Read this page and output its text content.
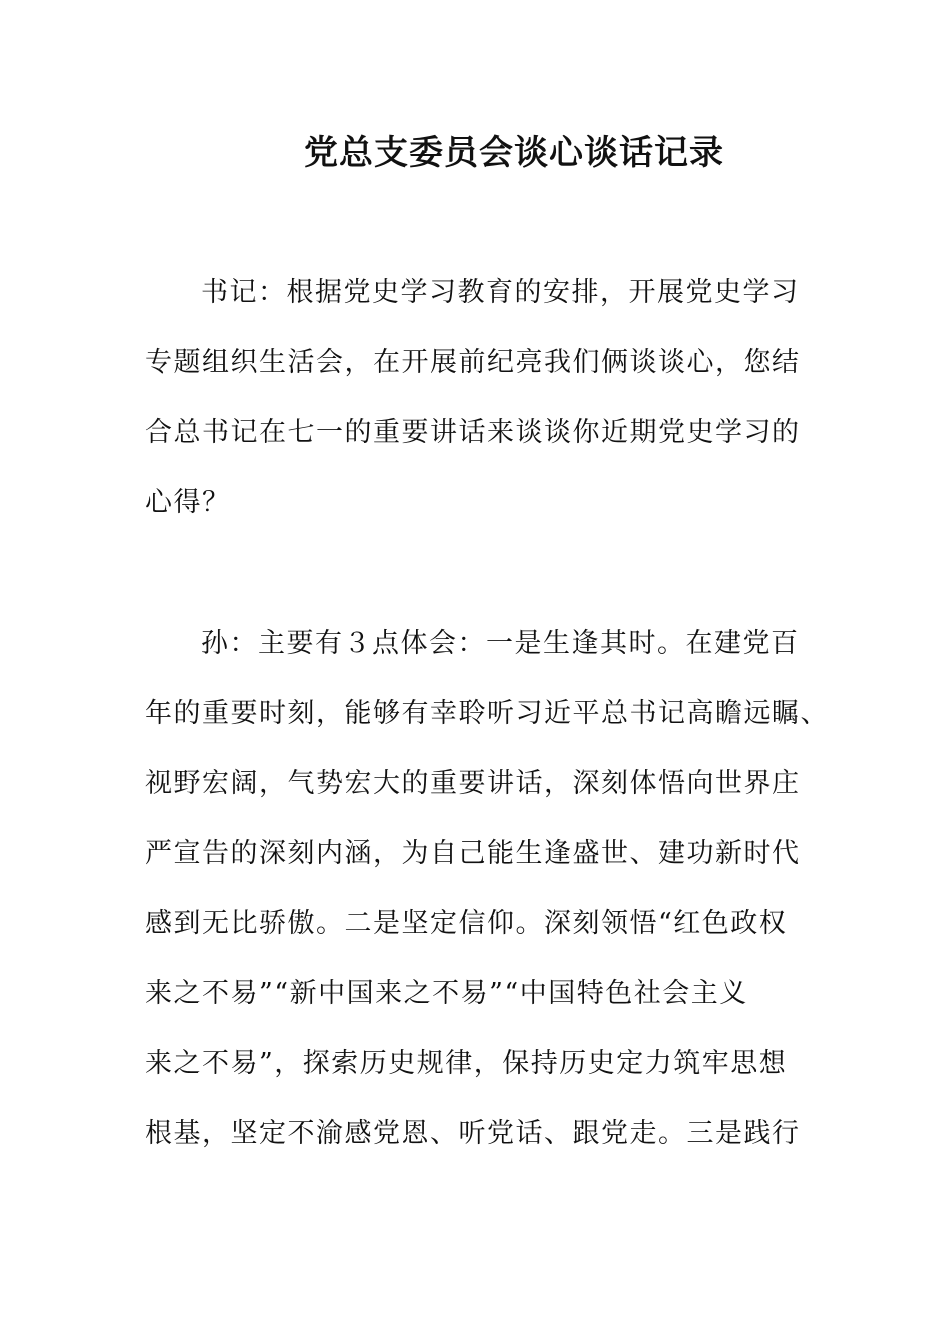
党总支委员会谈心谈话记录
书记：根据党史学习教育的安排，开展党史学习
专题组织生活会，在开展前纪亮我们俩谈谈心，您结
合总书记在七一的重要讲话来谈谈你近期党史学习的
心得？
孙：主要有３点体会：一是生逢其时。在建党百
年的重要时刻，能够有幸聆听习近平总书记高瞻远瞩、
视野宏阔，气势宏大的重要讲话，深刻体悟向世界庄
严宣告的深刻内涵，为自己能生逢盛世、建功新时代
感到无比骄傲。二是坚定信仰。深刻领悟“红色政权
来之不易”“新中国来之不易”“中国特色社会主义
来之不易”，探索历史规律，保持历史定力筑牢思想
根基，坚定不渝感党恩、听党话、跟党走。三是践行
